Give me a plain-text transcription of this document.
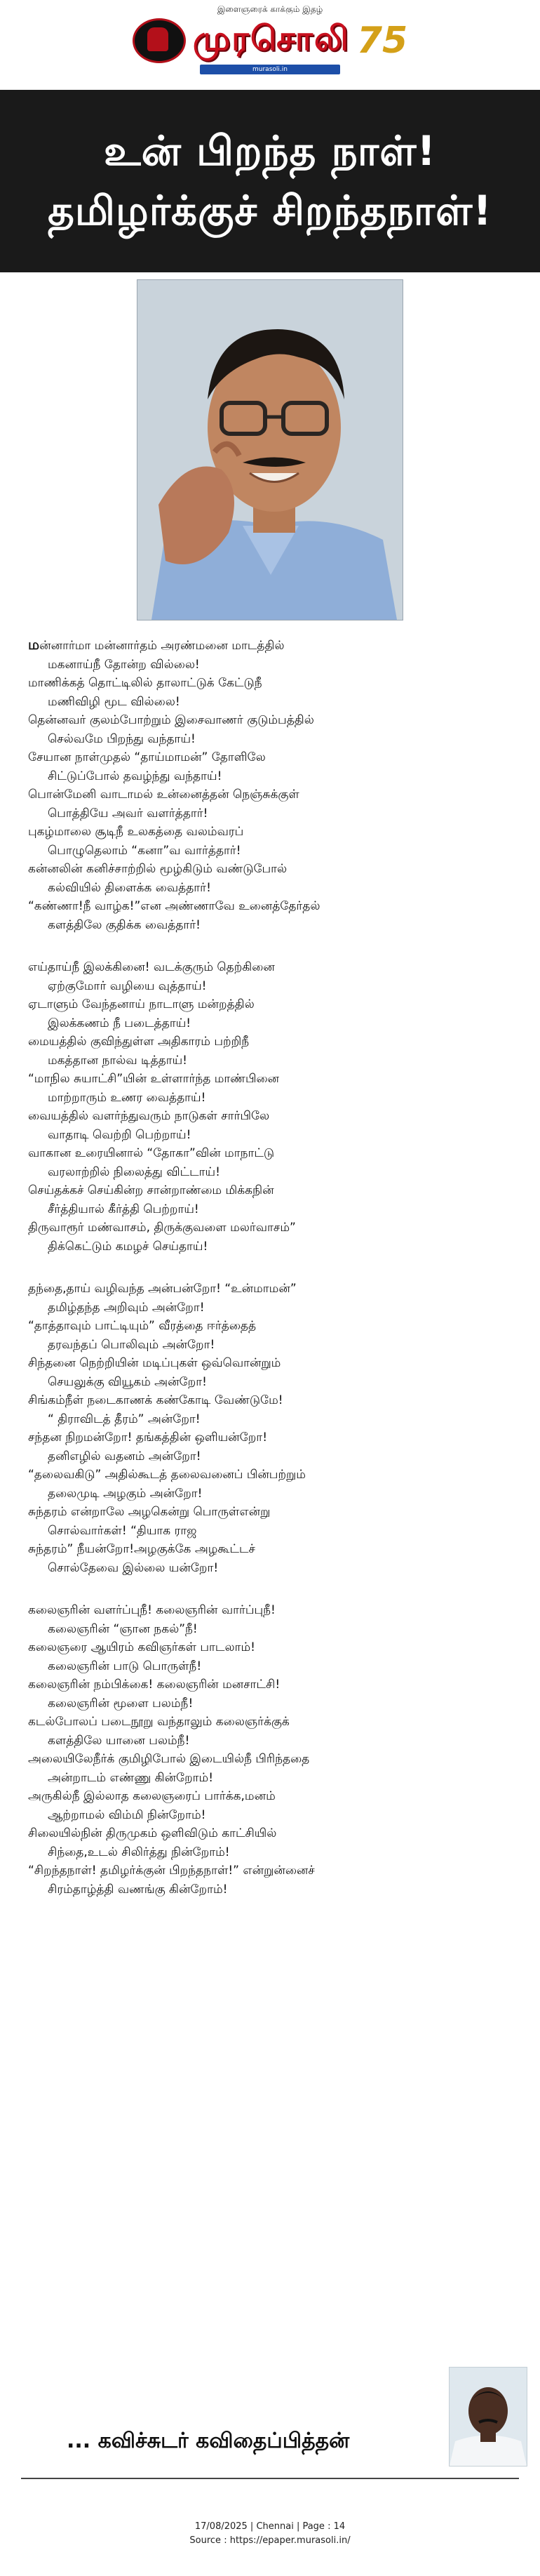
இளைஞரைக் காக்கும் இதழ்
முரசொலி 75
murasoli.in
உன் பிறந்த நாள்!
தமிழர்க்குச் சிறந்தநாள்!
மன்னார்மா மன்னார்தம் அரண்மனை மாடத்தில்
மகனாய்நீ தோன்ற வில்லை!
மாணிக்கத் தொட்டிலில் தாலாட்டுக் கேட்டுநீ
மணிவிழி மூட வில்லை!
தென்னவர் குலம்போற்றும் இசைவாணர் குடும்பத்தில்
செல்வமே பிறந்து வந்தாய்!
சேயான நாள்முதல் “தாய்மாமன்” தோளிலே
சிட்டுப்போல் தவழ்ந்து வந்தாய்!
பொன்மேனி வாடாமல் உன்னைத்தன் நெஞ்சுக்குள்
பொத்தியே அவர் வளர்த்தார்!
புகழ்மாலை சூடிநீ உலகத்தை வலம்வரப்
பொழுதெலாம் “கனா”வ வார்த்தார்!
கன்னலின் கனிச்சாற்றில் மூழ்கிடும் வண்டுபோல்
கல்வியில் திளைக்க வைத்தார்!
“கண்ணா!நீ வாழ்க!”என அண்ணாவே உனைத்தேர்தல்
களத்திலே குதிக்க வைத்தார்!
எய்தாய்நீ இலக்கினை! வடக்குரும் தெற்கினை
ஏற்குமோர் வழியை வுத்தாய்!
ஏடாளும் வேந்தனாய் நாடாளு மன்றத்தில்
இலக்கணம் நீ படைத்தாய்!
மையத்தில் குவிந்துள்ள அதிகாரம் பற்றிநீ
மகத்தான நால்வ டித்தாய்!
“மாநில சுயாட்சி”யின் உள்ளார்ந்த மாண்பினை
மாற்றாரும் உணர வைத்தாய்!
வையத்தில் வளர்ந்துவரும் நாடுகள் சார்பிலே
வாதாடி வெற்றி பெற்றாய்!
வாகான உரையினால் “தோகா”வின் மாநாட்டு
வரலாற்றில் நிலைத்து விட்டாய்!
செய்தக்கச் செய்கின்ற சான்றாண்மை மிக்கநின்
சீர்த்தியால் கீர்த்தி பெற்றாய்!
திருவாரூர் மண்வாசம், திருக்குவளை மலர்வாசம்”
திக்கெட்டும் கமழச் செய்தாய்!
தந்தை,தாய் வழிவந்த அன்பன்றோ! “உன்மாமன்”
தமிழ்தந்த அறிவும் அன்றோ!
“தாத்தாவும் பாட்டியும்” வீரத்தை ஈர்த்தைத்
தரவந்தப் பொலிவும் அன்றோ!
சிந்தனை நெற்றியின் மடிப்புகள் ஒவ்வொன்றும்
செயலுக்கு வியூகம் அன்றோ!
சிங்கம்நீள் நடைகாணக் கண்கோடி வேண்டுமே!
“ திராவிடத் தீரம்” அன்றோ!
சந்தன நிறமன்றோ! தங்கத்தின் ஒளியன்றோ!
தனிஎழில் வதனம் அன்றோ!
“தலைவகிடு” அதில்கூடத் தலைவனைப் பின்பற்றும்
தலைமுடி அழகும் அன்றோ!
சுந்தரம் என்றாலே அழகென்று பொருள்என்று
சொல்வார்கள்! “தியாக ராஜ
சுந்தரம்” நீயன்றோ!அழகுக்கே அழகூட்டச்
சொல்தேவை இல்லை யன்றோ!
கலைஞரின் வளர்ப்புநீ! கலைஞரின் வார்ப்புநீ!
கலைஞரின் “ஞான நகல்”நீ!
கலைஞரை ஆயிரம் கவிஞர்கள் பாடலாம்!
கலைஞரின் பாடு பொருள்நீ!
கலைஞரின் நம்பிக்கை! கலைஞரின் மனசாட்சி!
கலைஞரின் மூளை பலம்நீ!
கடல்போலப் படைநூறு வந்தாலும் கலைஞர்க்குக்
களத்திலே யானை பலம்நீ!
அலையிலேநீர்க் குமிழிபோல் இடையில்நீ பிரிந்ததை
அன்றாடம் எண்ணு கின்றோம்!
அருகில்நீ இல்லாத கலைஞரைப் பார்க்க,மனம்
ஆற்றாமல் விம்மி நின்றோம்!
சிலையில்நின் திருமுகம் ஒளிவிடும் காட்சியில்
சிந்தை,உடல் சிலிர்த்து நின்றோம்!
“சிறந்தநாள்! தமிழர்க்குன் பிறந்தநாள்!” என்றுன்னைச்
சிரம்தாழ்த்தி வணங்கு கின்றோம்!
... கவிச்சுடர் கவிதைப்பித்தன்
17/08/2025 | Chennai | Page : 14
Source : https://epaper.murasoli.in/
